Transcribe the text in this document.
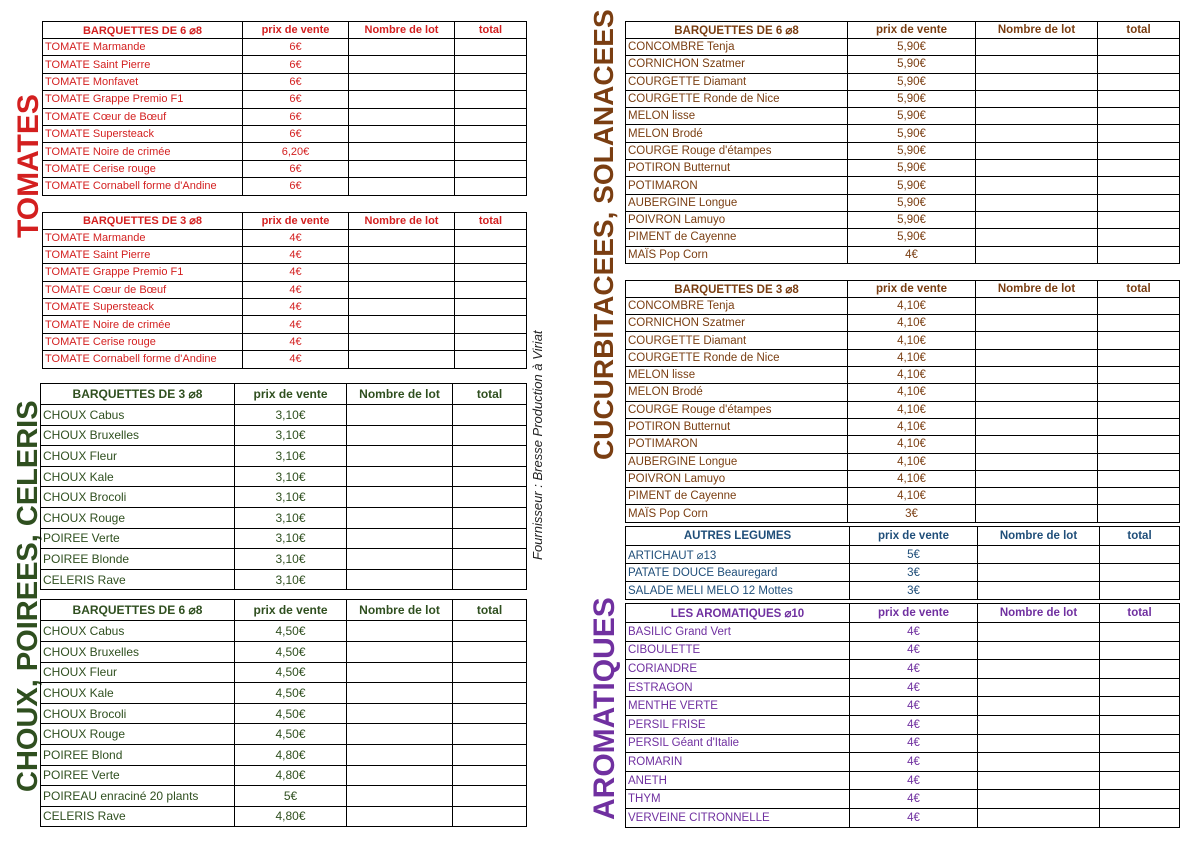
TOMATES
CHOUX, POIREES, CELERIS
CUCURBITACEES, SOLANACEES
AROMATIQUES
Fournisseur : Bresse Production à Viriat
BARQUETTES DE 6 ⌀8	prix de vente	Nombre de lot	total
TOMATE Marmande	6€		
TOMATE Saint Pierre	6€		
TOMATE Monfavet	6€		
TOMATE Grappe Premio F1	6€		
TOMATE Cœur de Bœuf	6€		
TOMATE Supersteack	6€		
TOMATE Noire de crimée	6,20€		
TOMATE Cerise rouge	6€		
TOMATE Cornabell forme d'Andine	6€		

BARQUETTES DE 3 ⌀8	prix de vente	Nombre de lot	total
TOMATE Marmande	4€		
TOMATE Saint Pierre	4€		
TOMATE Grappe Premio F1	4€		
TOMATE Cœur de Bœuf	4€		
TOMATE Supersteack	4€		
TOMATE Noire de crimée	4€		
TOMATE Cerise rouge	4€		
TOMATE Cornabell forme d'Andine	4€		
BARQUETTES DE 3 ⌀8	prix de vente	Nombre de lot	total
CHOUX Cabus	3,10€		
CHOUX Bruxelles	3,10€		
CHOUX Fleur	3,10€		
CHOUX Kale	3,10€		
CHOUX Brocoli	3,10€		
CHOUX Rouge	3,10€		
POIREE Verte	3,10€		
POIREE Blonde	3,10€		
CELERIS Rave	3,10€		

BARQUETTES DE 6 ⌀8	prix de vente	Nombre de lot	total
CHOUX Cabus	4,50€		
CHOUX Bruxelles	4,50€		
CHOUX Fleur	4,50€		
CHOUX Kale	4,50€		
CHOUX Brocoli	4,50€		
CHOUX Rouge	4,50€		
POIREE Blond	4,80€		
POIREE Verte	4,80€		
POIREAU enraciné 20 plants	5€		
CELERIS Rave	4,80€		
BARQUETTES DE 6 ⌀8	prix de vente	Nombre de lot	total
CONCOMBRE Tenja	5,90€		
CORNICHON Szatmer	5,90€		
COURGETTE Diamant	5,90€		
COURGETTE Ronde de Nice	5,90€		
MELON lisse	5,90€		
MELON Brodé	5,90€		
COURGE Rouge d'étampes	5,90€		
POTIRON Butternut	5,90€		
POTIMARON	5,90€		
AUBERGINE Longue	5,90€		
POIVRON Lamuyo	5,90€		
PIMENT de Cayenne	5,90€		
MAÏS Pop Corn	4€		

BARQUETTES DE 3 ⌀8	prix de vente	Nombre de lot	total
CONCOMBRE Tenja	4,10€		
CORNICHON Szatmer	4,10€		
COURGETTE Diamant	4,10€		
COURGETTE Ronde de Nice	4,10€		
MELON lisse	4,10€		
MELON Brodé	4,10€		
COURGE Rouge d'étampes	4,10€		
POTIRON Butternut	4,10€		
POTIMARON	4,10€		
AUBERGINE Longue	4,10€		
POIVRON Lamuyo	4,10€		
PIMENT de Cayenne	4,10€		
MAÏS Pop Corn	3€		
AUTRES LEGUMES	prix de vente	Nombre de lot	total
ARTICHAUT ⌀13	5€		
PATATE DOUCE Beauregard	3€		
SALADE MELI MELO 12 Mottes	3€		
LES AROMATIQUES ⌀10	prix de vente	Nombre de lot	total
BASILIC Grand Vert	4€		
CIBOULETTE	4€		
CORIANDRE	4€		
ESTRAGON	4€		
MENTHE VERTE	4€		
PERSIL FRISE	4€		
PERSIL Géant d'Italie	4€		
ROMARIN	4€		
ANETH	4€		
THYM	4€		
VERVEINE CITRONNELLE	4€		
